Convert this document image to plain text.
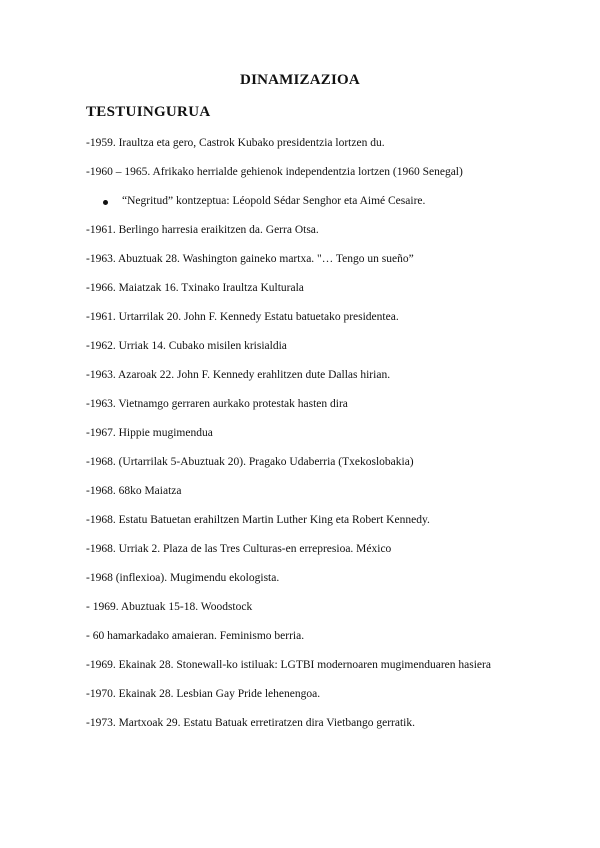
DINAMIZAZIOA
TESTUINGURUA
-1959. Iraultza eta gero, Castrok Kubako presidentzia lortzen du.
-1960 – 1965. Afrikako herrialde gehienok independentzia lortzen (1960 Senegal)
“Negritud” kontzeptua: Léopold Sédar Senghor eta Aimé Cesaire.
-1961. Berlingo harresia eraikitzen da. Gerra Otsa.
-1963. Abuztuak 28. Washington gaineko martxa. "… Tengo un sueño”
-1966. Maiatzak 16. Txinako Iraultza Kulturala
-1961. Urtarrilak 20. John F. Kennedy Estatu batuetako presidentea.
-1962. Urriak 14. Cubako misilen krisialdia
-1963. Azaroak 22. John F. Kennedy erahlitzen dute Dallas hirian.
-1963. Vietnamgo gerraren aurkako protestak hasten dira
-1967. Hippie mugimendua
-1968. (Urtarrilak 5-Abuztuak 20). Pragako Udaberria (Txekoslobakia)
-1968. 68ko Maiatza
-1968. Estatu Batuetan erahiltzen Martin Luther King eta Robert Kennedy.
-1968. Urriak 2. Plaza de las Tres Culturas-en errepresioa. México
-1968 (inflexioa). Mugimendu ekologista.
- 1969. Abuztuak 15-18. Woodstock
- 60 hamarkadako amaieran. Feminismo berria.
-1969. Ekainak 28. Stonewall-ko istiluak: LGTBI modernoaren mugimenduaren hasiera
-1970. Ekainak 28. Lesbian Gay Pride lehenengoa.
-1973. Martxoak 29. Estatu Batuak erretiratzen dira Vietbango gerratik.
